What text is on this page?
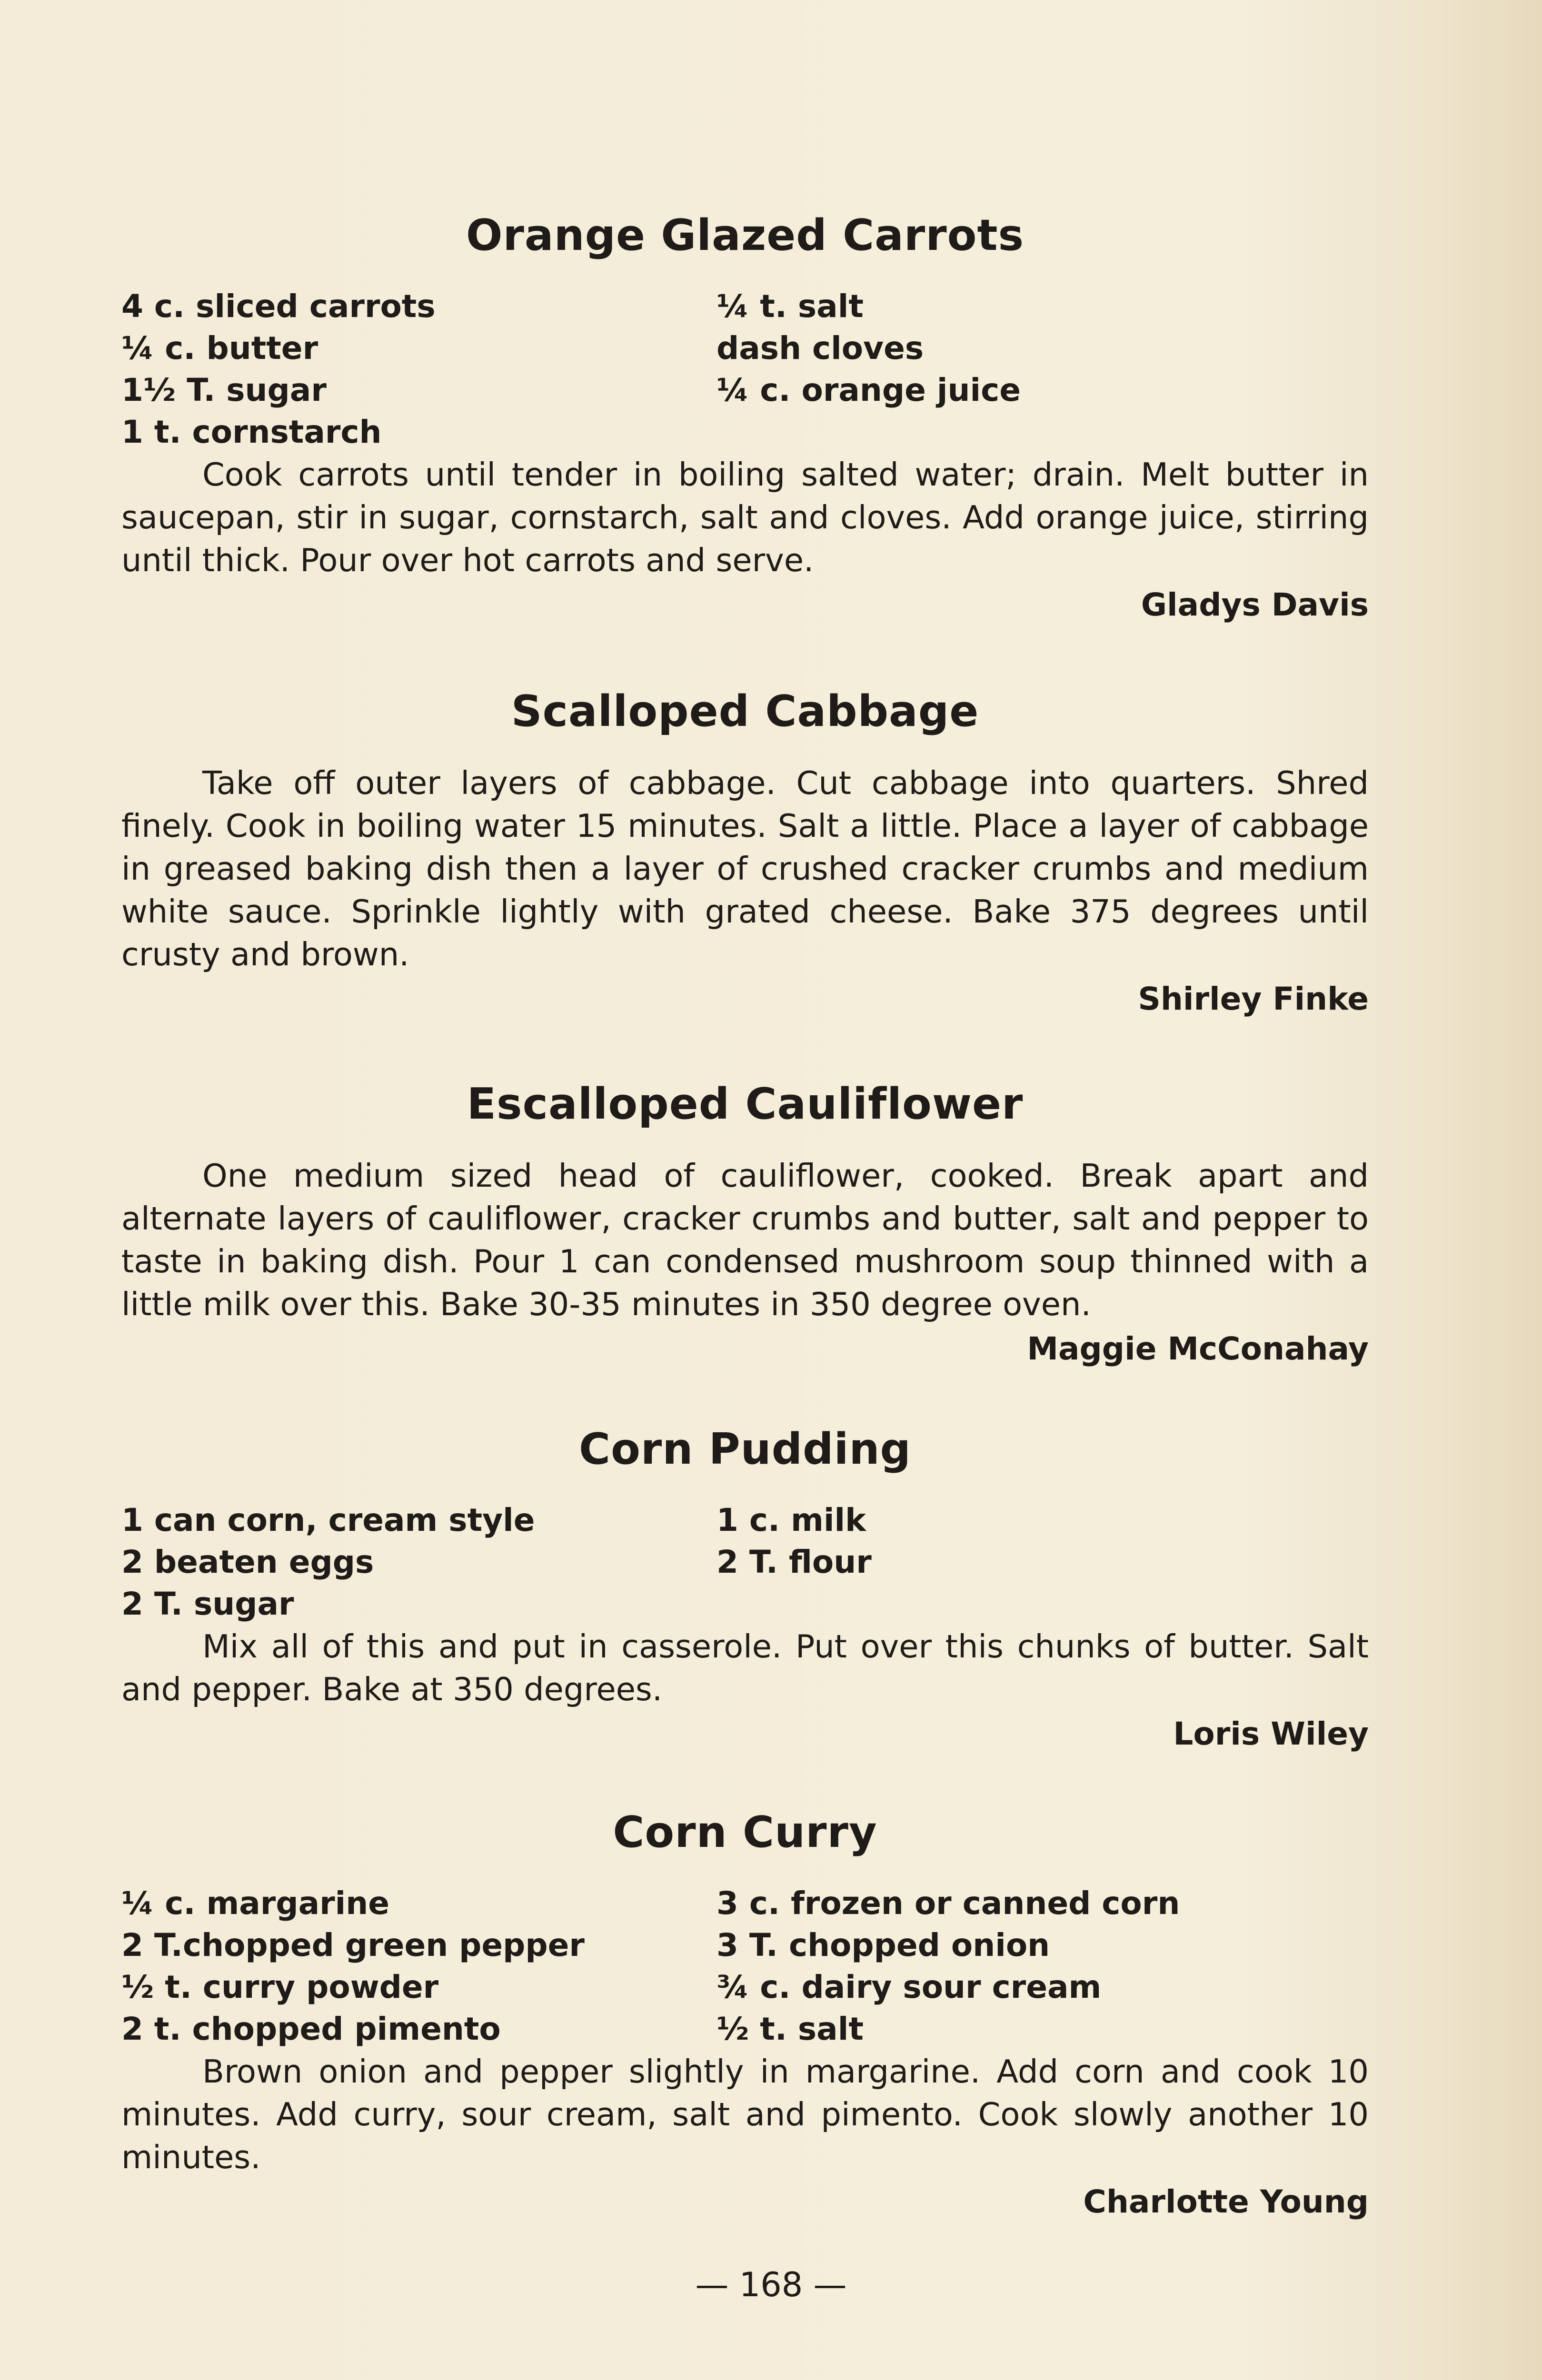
Orange Glazed Carrots
4 c. sliced carrots
¼ c. butter
1½ T. sugar
1 t. cornstarch
¼ t. salt
dash cloves
¼ c. orange juice

Cook carrots until tender in boiling salted water; drain. Melt butter in saucepan, stir in sugar, cornstarch, salt and cloves. Add orange juice, stirring until thick. Pour over hot carrots and serve.

Gladys Davis
Scalloped Cabbage

Take off outer layers of cabbage. Cut cabbage into quarters. Shred finely. Cook in boiling water 15 minutes. Salt a little. Place a layer of cabbage in greased baking dish then a layer of crushed cracker crumbs and medium white sauce. Sprinkle lightly with grated cheese. Bake 375 degrees until crusty and brown.

Shirley Finke
Escalloped Cauliflower

One medium sized head of cauliflower, cooked. Break apart and alternate layers of cauliflower, cracker crumbs and butter, salt and pepper to taste in baking dish. Pour 1 can condensed mushroom soup thinned with a little milk over this. Bake 30-35 minutes in 350 degree oven.

Maggie McConahay
Corn Pudding
1 can corn, cream style
2 beaten eggs
2 T. sugar
1 c. milk
2 T. flour

Mix all of this and put in casserole. Put over this chunks of butter. Salt and pepper. Bake at 350 degrees.

Loris Wiley
Corn Curry
¼ c. margarine
2 T.chopped green pepper
½ t. curry powder
2 t. chopped pimento
3 c. frozen or canned corn
3 T. chopped onion
¾ c. dairy sour cream
½ t. salt

Brown onion and pepper slightly in margarine. Add corn and cook 10 minutes. Add curry, sour cream, salt and pimento. Cook slowly another 10 minutes.

Charlotte Young
— 168 —
